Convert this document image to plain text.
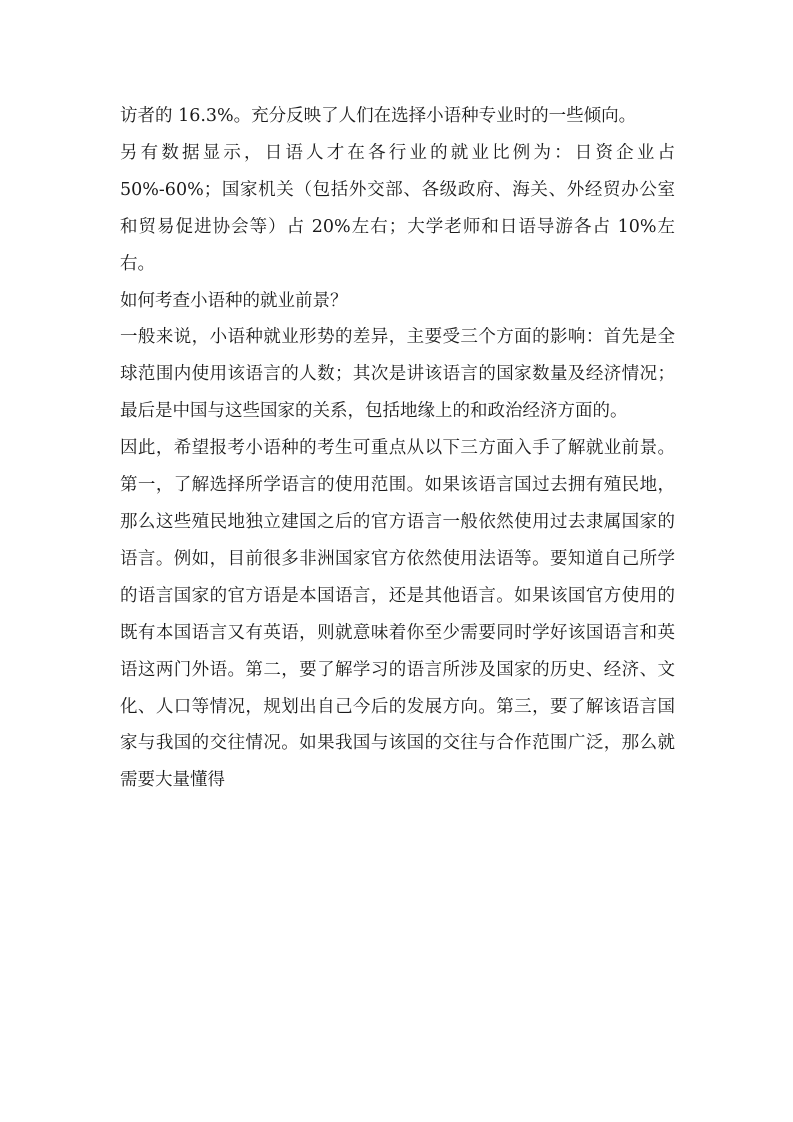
访者的 16.3%。充分反映了人们在选择小语种专业时的一些倾向。

另有数据显示，日语人才在各行业的就业比例为：日资企业占 50%-60%；国家机关（包括外交部、各级政府、海关、外经贸办公室和贸易促进协会等）占 20%左右；大学老师和日语导游各占 10%左右。

如何考查小语种的就业前景？

一般来说，小语种就业形势的差异，主要受三个方面的影响：首先是全球范围内使用该语言的人数；其次是讲该语言的国家数量及经济情况；最后是中国与这些国家的关系，包括地缘上的和政治经济方面的。

因此，希望报考小语种的考生可重点从以下三方面入手了解就业前景。 第一，了解选择所学语言的使用范围。如果该语言国过去拥有殖民地，那么这些殖民地独立建国之后的官方语言一般依然使用过去隶属国家的语言。例如，目前很多非洲国家官方依然使用法语等。要知道自己所学的语言国家的官方语是本国语言，还是其他语言。如果该国官方使用的既有本国语言又有英语，则就意味着你至少需要同时学好该国语言和英语这两门外语。第二，要了解学习的语言所涉及国家的历史、经济、文化、人口等情况，规划出自己今后的发展方向。第三，要了解该语言国家与我国的交往情况。如果我国与该国的交往与合作范围广泛，那么就需要大量懂得
